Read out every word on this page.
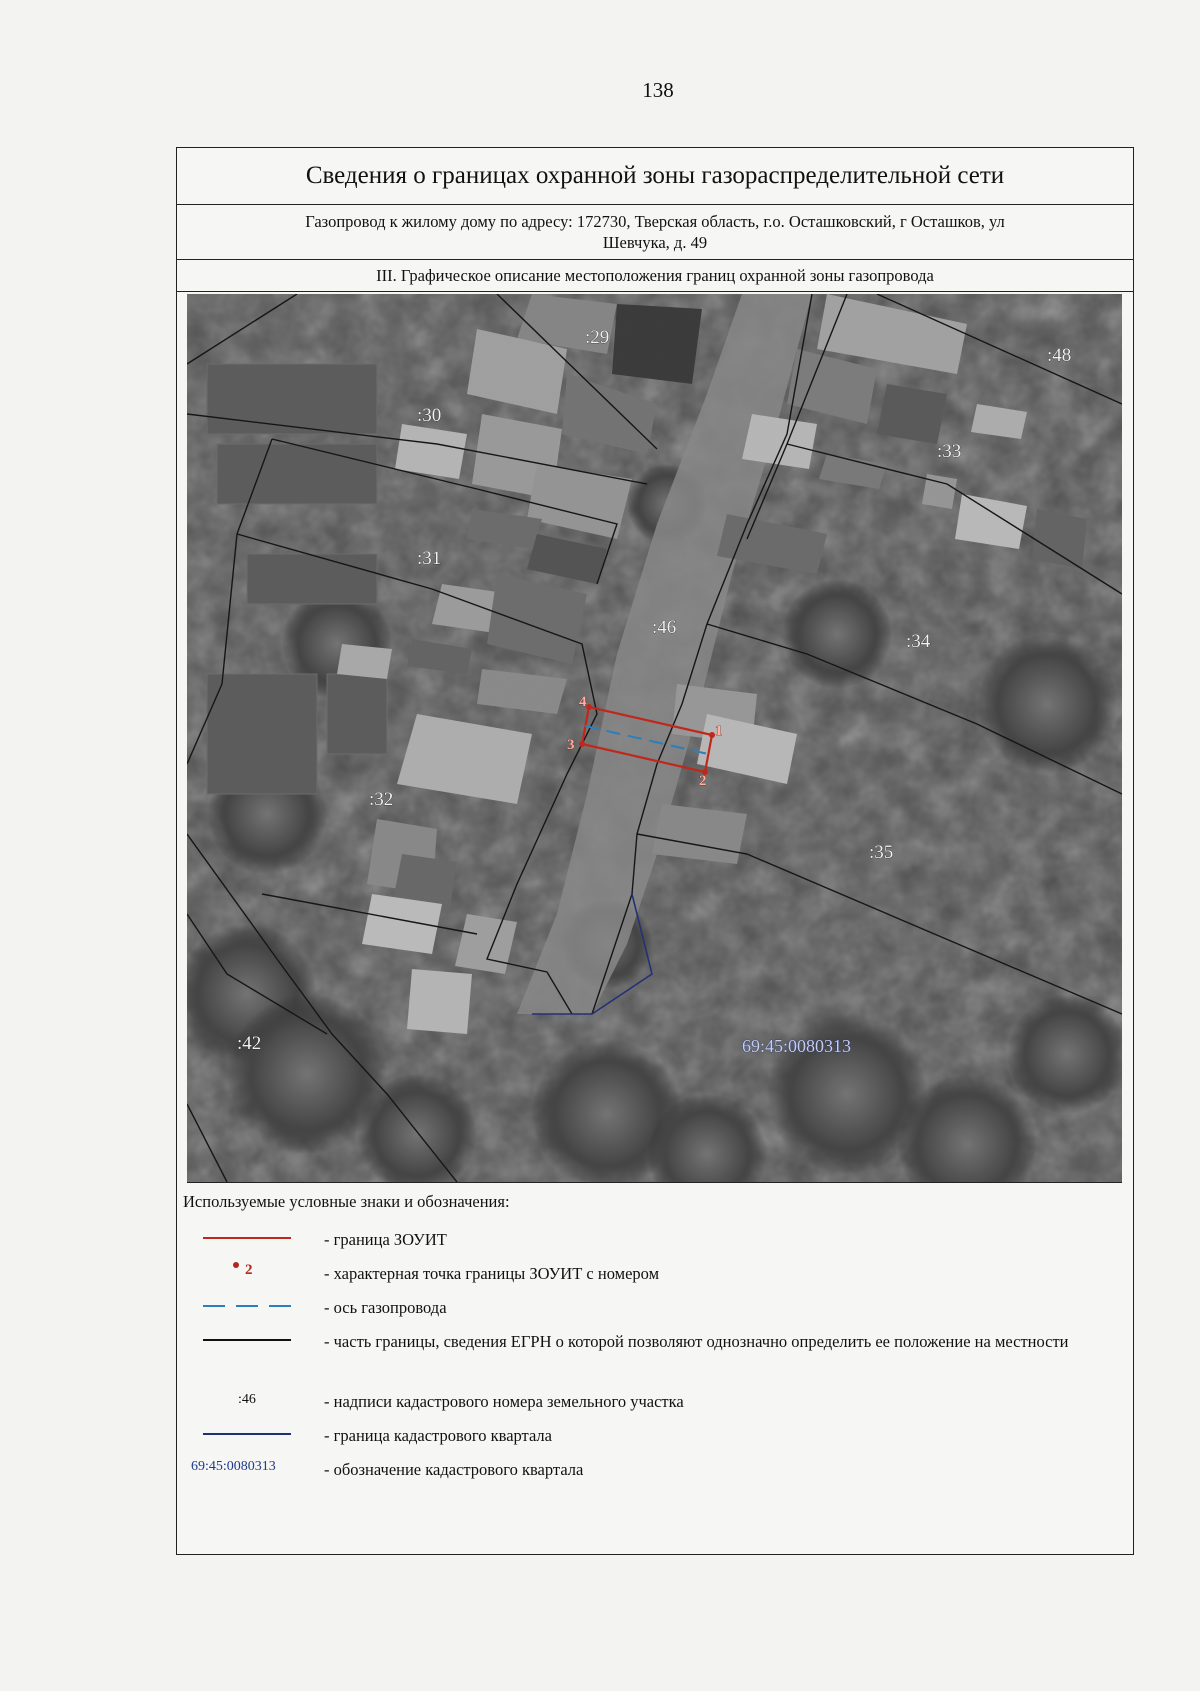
138
Сведения о границах охранной зоны газораспределительной сети
Газопровод к жилому дому по адресу: 172730, Тверская область, г.о. Осташковский, г Осташков, ул
Шевчука, д. 49
III. Графическое описание местоположения границ охранной зоны газопровода
1
2
3
4
:29
:48
:30
:33
:31
:46
:34
:32
:35
:42	69:45:0080313
Используемые условные знаки и обозначения:
- граница ЗОУИТ
2	- характерная точка границы ЗОУИТ с номером
- ось газопровода
- часть границы, сведения ЕГРН о которой позволяют однозначно определить ее положение на местности
:46	- надписи кадастрового номера земельного участка
- граница кадастрового квартала
69:45:0080313	- обозначение кадастрового квартала
